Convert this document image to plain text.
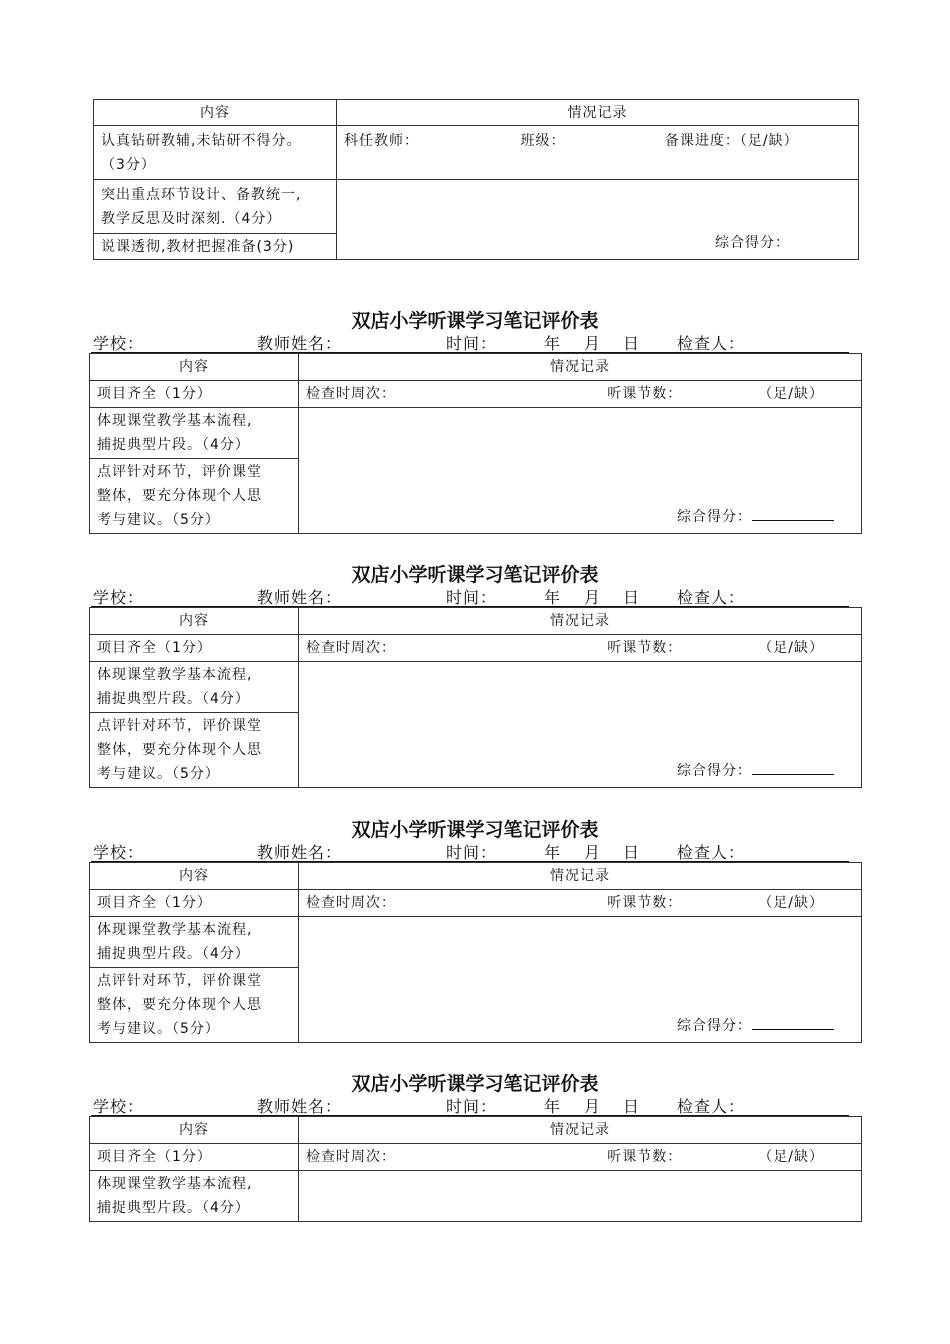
内容	情况记录

认真钻研教辅,未钻研不得分。
（3分）	科任教师： 班级： 备课进度：（足/缺）

突出重点环节设计、备教统一,
教学反思及时深刻.（4分）	综合得分：

说课透彻,教材把握准备(3分)	
双店小学听课学习笔记评价表
学校：	教师姓名：	时间：	年 月 日 检查人：
内容	情况记录
项目齐全（1分）	检查时周次： 听课节数： （足/缺）

体现课堂教学基本流程,
捕捉典型片段。（4分）	综合得分：

点评针对环节，评价课堂
整体，要充分体现个人思
考与建议。（5分）	
双店小学听课学习笔记评价表
学校：	教师姓名：	时间：	年 月 日 检查人：
内容	情况记录
项目齐全（1分）	检查时周次： 听课节数： （足/缺）

体现课堂教学基本流程,
捕捉典型片段。（4分）	综合得分：

点评针对环节，评价课堂
整体，要充分体现个人思
考与建议。（5分）	
双店小学听课学习笔记评价表
学校：	教师姓名：	时间：	年 月 日 检查人：
内容	情况记录
项目齐全（1分）	检查时周次： 听课节数： （足/缺）

体现课堂教学基本流程,
捕捉典型片段。（4分）	综合得分：

点评针对环节，评价课堂
整体，要充分体现个人思
考与建议。（5分）	
双店小学听课学习笔记评价表
学校：	教师姓名：	时间：	年 月 日 检查人：
内容	情况记录
项目齐全（1分）	检查时周次： 听课节数： （足/缺）

体现课堂教学基本流程,
捕捉典型片段。（4分）	
